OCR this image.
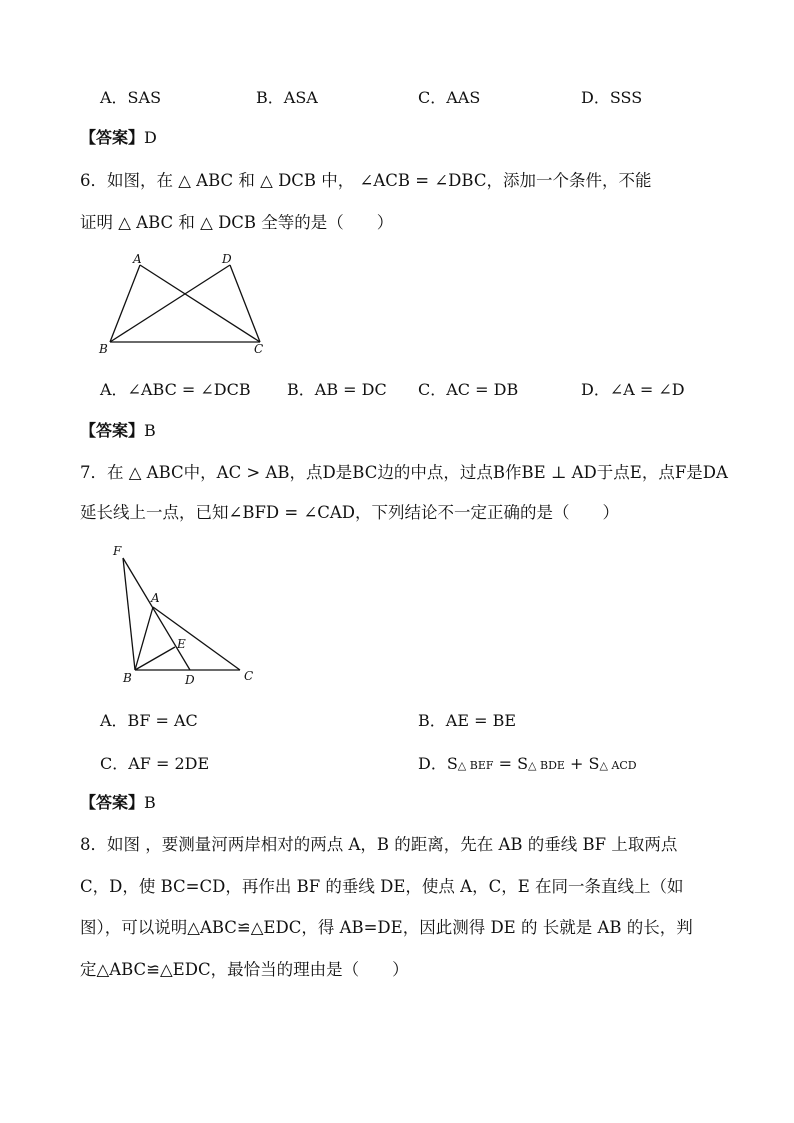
A．SAS	B．ASA	C．AAS	D．SSS
【答案】D
6．如图，在 △ ABC 和 △ DCB 中， ∠ACB = ∠DBC，添加一个条件，不能
证明 △ ABC 和 △ DCB 全等的是（　　）
A	D
B	C
A．∠ABC = ∠DCB B．AB = DC C．AC = DB	D．∠A = ∠D
【答案】B
7．在 △ ABC中，AC > AB，点D是BC边的中点，过点B作BE ⊥ AD于点E，点F是DA
延长线上一点，已知∠BFD = ∠CAD，下列结论不一定正确的是（　　）
F
A
E
B	D	C
A．BF = AC	B．AE = BE
C．AF = 2DE	D．S△ BEF = S△ BDE + S△ ACD
【答案】B
8．如图 ，要测量河两岸相对的两点 A，B 的距离，先在 AB 的垂线 BF 上取两点
C，D，使 BC=CD，再作出 BF 的垂线 DE，使点 A，C，E 在同一条直线上（如
图），可以说明△ABC≌△EDC，得 AB=DE，因此测得 DE 的 长就是 AB 的长，判
定△ABC≌△EDC，最恰当的理由是（　　）
